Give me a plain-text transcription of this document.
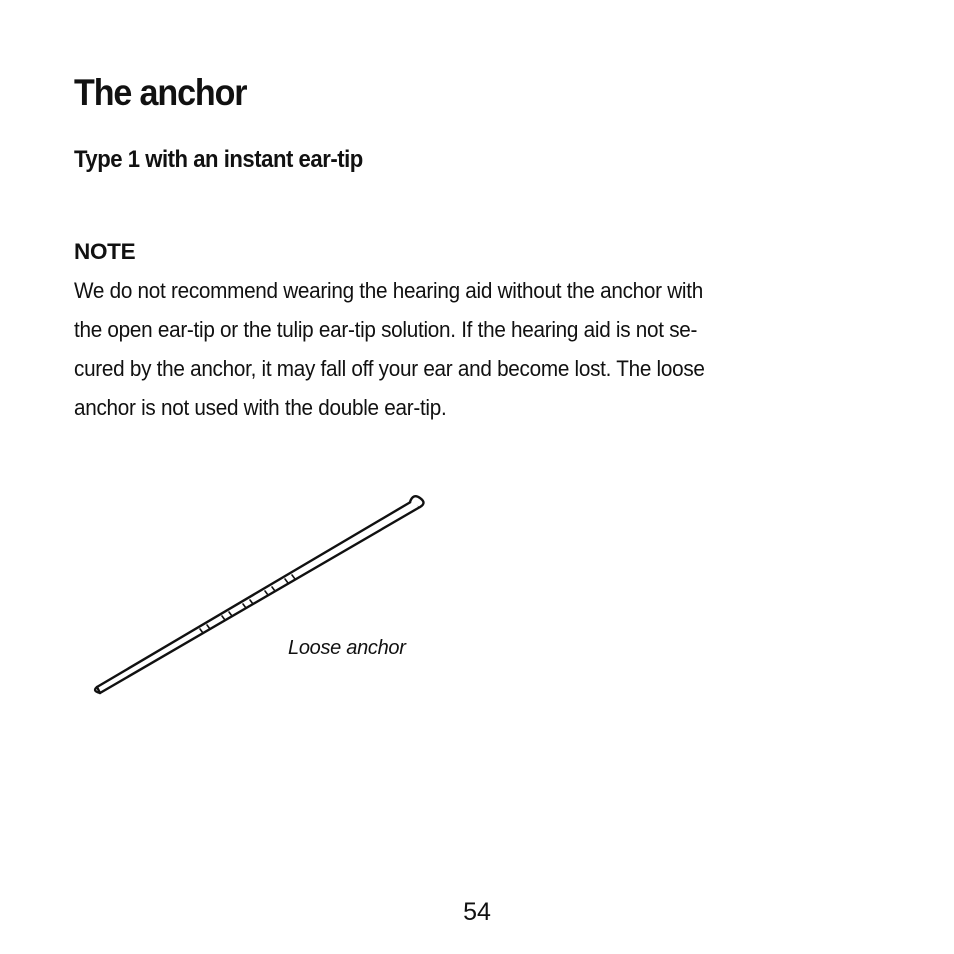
The anchor
Type 1 with an instant ear-tip
NOTE
We do not recommend wearing the hearing aid without the anchor with
the open ear-tip or the tulip ear-tip solution. If the hearing aid is not se-
cured by the anchor, it may fall off your ear and become lost. The loose
anchor is not used with the double ear-tip.
Loose anchor
54
